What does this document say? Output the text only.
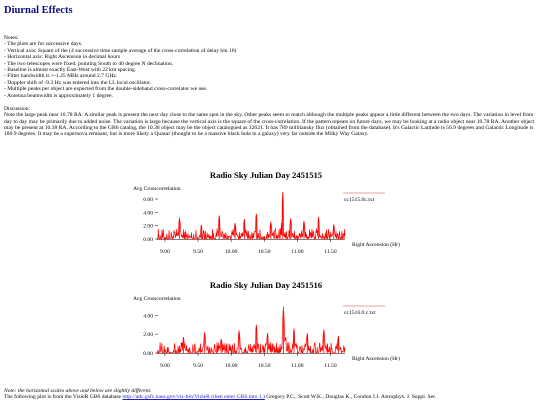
Diurnal Effects
Notes:
- The plots are for successive days.
- Vertical axis: Square of the (4 successive time sample average of the cross-correlation of delay bin 16)
- Horizontal axis: Right Ascension in decimal hours
- The two telescopes were fixed, pointing South to 40 degree N declination.
- Baseline is almost exactly East-West with 22 km spacing.
- Filter bandwidth is +-1.25 MHz around 2.7 GHz.
- Doppler shift of -9.3 Hz was entered into the LL local oscillator.
- Multiple peaks per object are expected from the double-sideband cross-correlator we use.
- Antenna beamwidth is approximately 1 degree.
Discussion:

Note the large peak near 10.78 RA. A similar peak is present the next day close to the same spot in the sky. Other peaks seem to match although the multiple peaks appear a little different between the two days. The variation in level from day to day may be primarily due to added noise. The variation is large because the vertical axis is the square of the cross-correlation. If the pattern repeats on future days, we may be looking at a radio object near 10.78 RA. Another object may be present at 10.38 RA. According to the GB6 catalog, the 10.38 object may be the object catalogued as 32621. It has 789 millilansky flux (obtained from the database). It's Galactic Latitude is 56.9 degrees and Galactic Longitude is 180.9 degrees. It may be a supernova remnant, but is more likely a Quasar (thought to be a massive black hole in a galaxy) very far outside the Milky Way Galaxy.

Radio Sky Julian Day 2451515
Avg Crosscorrelation
cc1515.0c.txt
0.00
2.00
4.00
6.00
9.00	9.50	10.00	10.50	11.00	11.50
Right Ascension (Hr)
Radio Sky Julian Day 2451516
Avg Crosscorrelation
cc1516.0.c.txt
0.00
2.00
4.00
9.00	9.50	10.00	10.50	11.00	11.50
Right Ascension (Hr)
Note: the horizontal scales above and below are slightly different.
The following plot is from the VizieR GB6 database http://adc.gsfc.nasa.gov/viz-bin/VizieR (then enter GB6 into 1.) Gregory P.C., Scott W.K., Douglas K., Condon J.J. Astrophys. J. Suppl. Ser.
